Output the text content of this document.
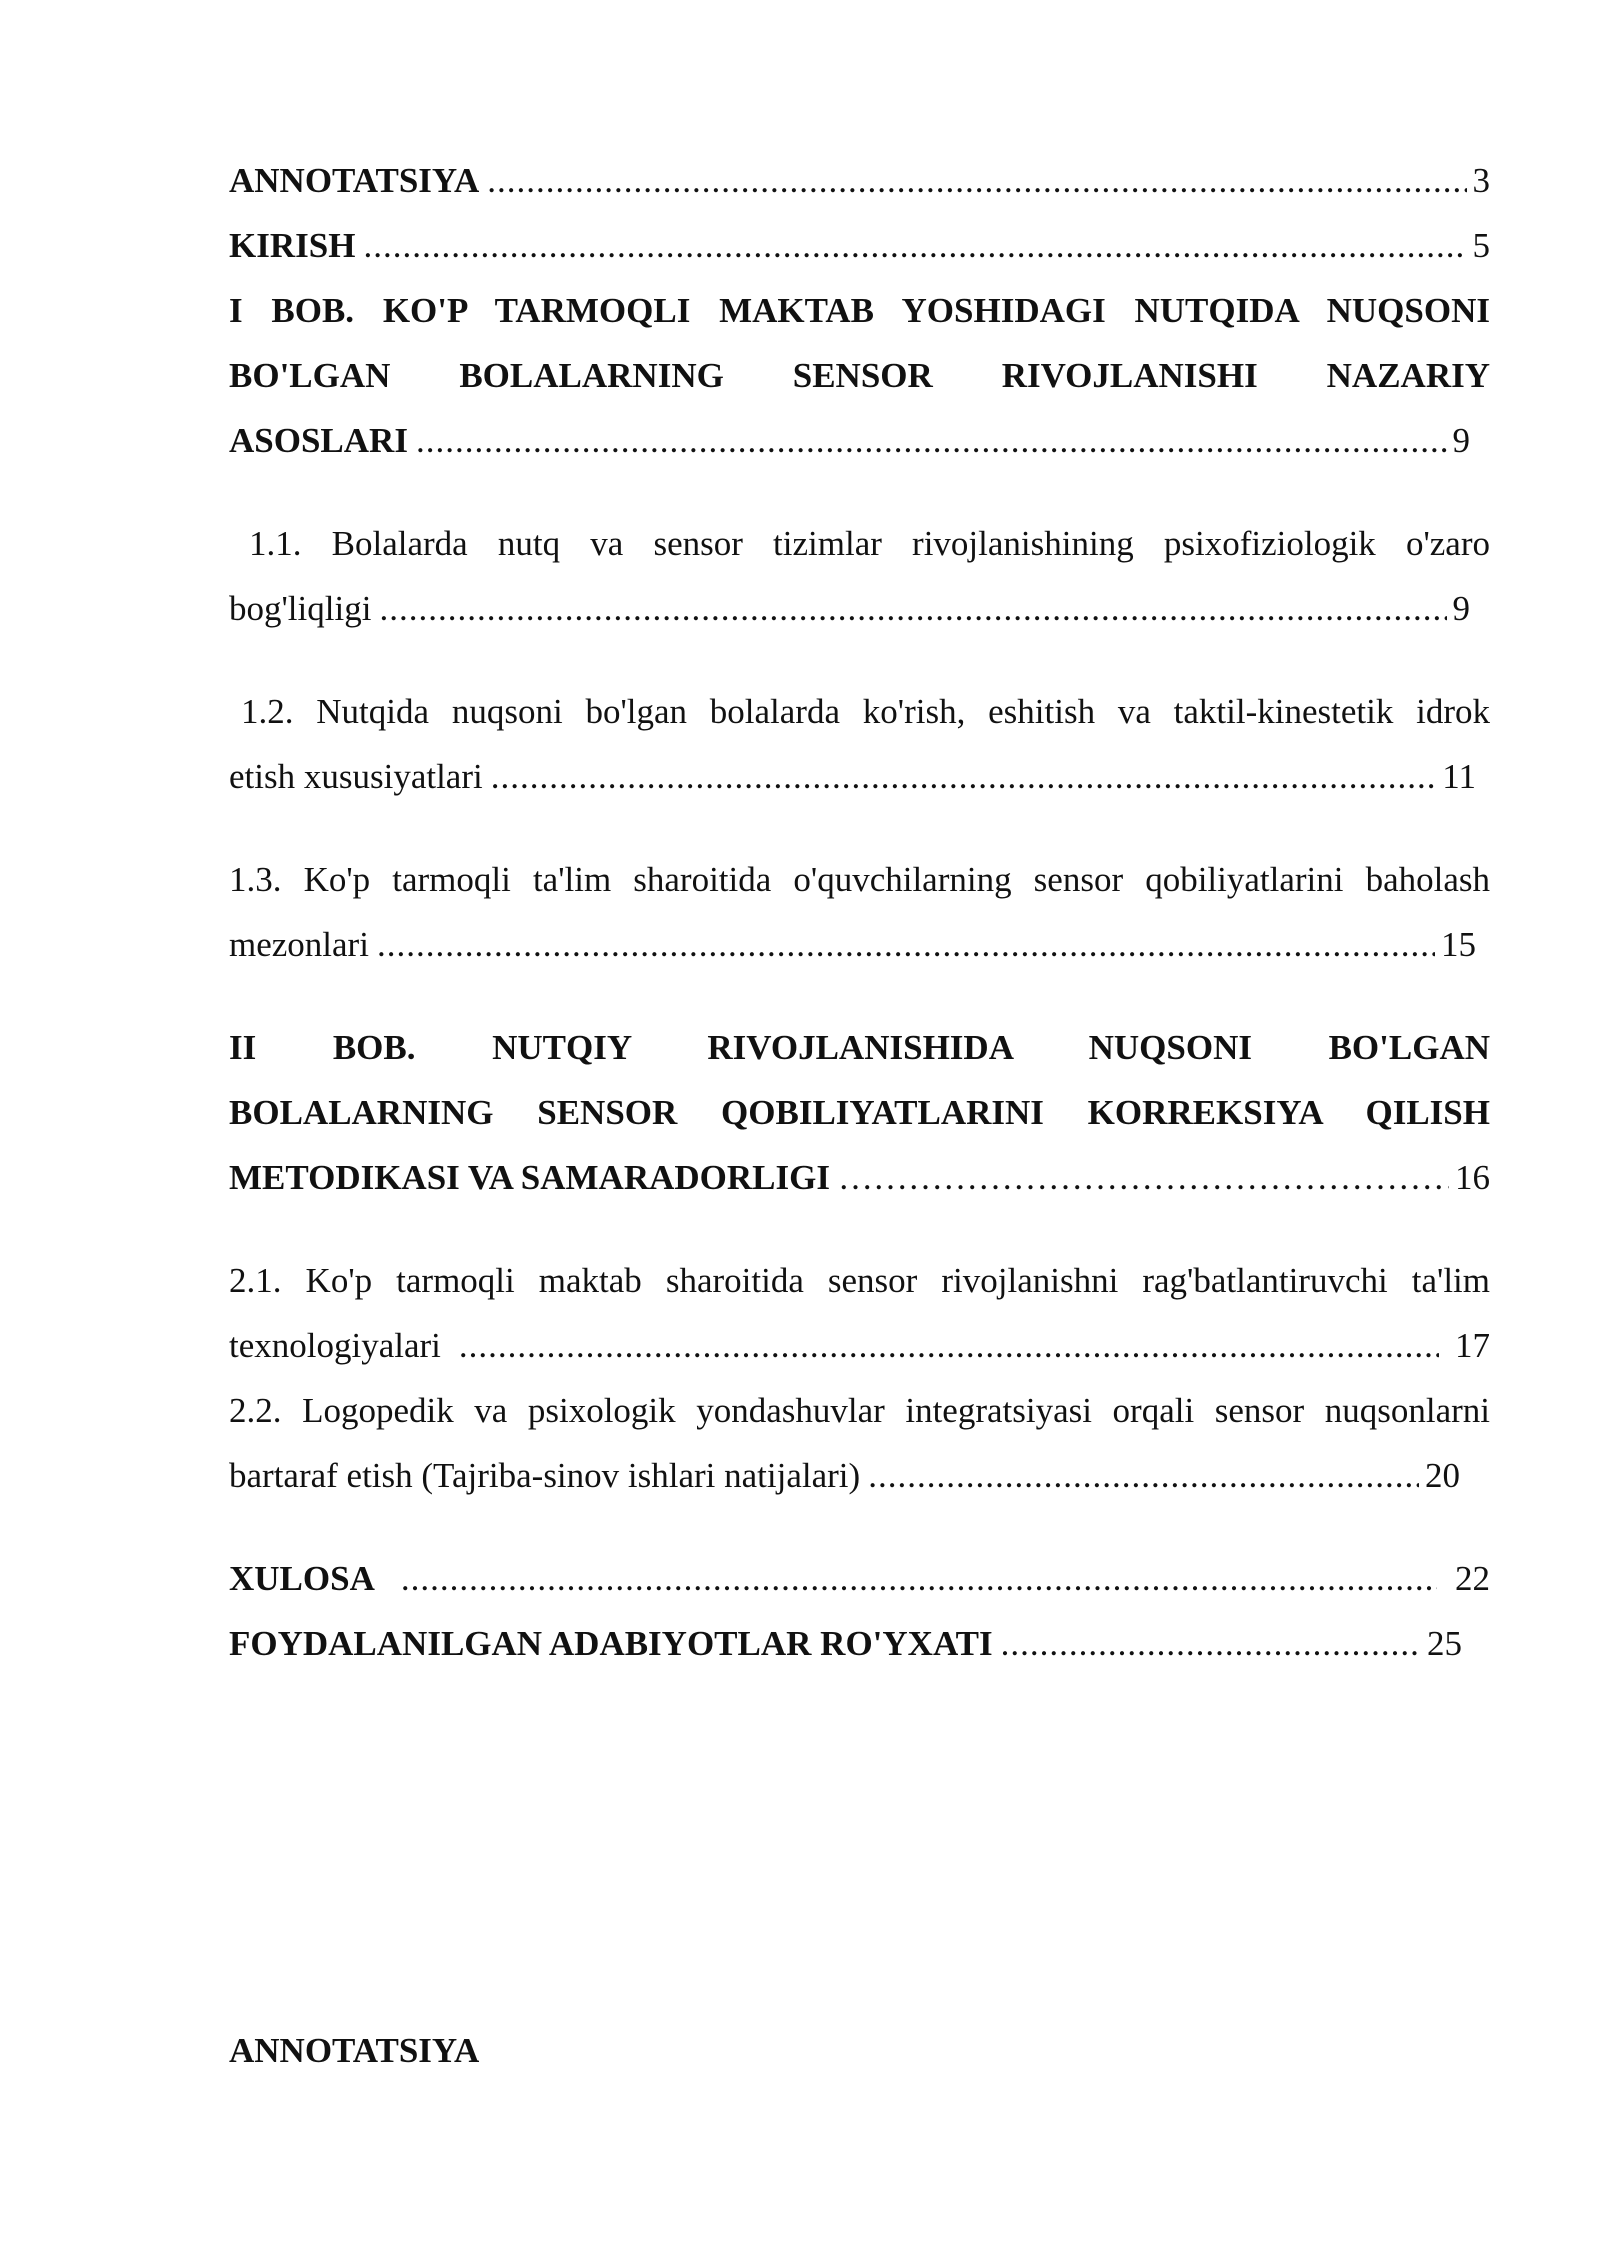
ANNOTATSIYA .....	3
KIRISH .....	5
I BOB. KO'P TARMOQLI MAKTAB YOSHIDAGI NUTQIDA NUQSONI
BO'LGAN BOLALARNING SENSOR RIVOJLANISHI NAZARIY
ASOSLARI .....	9
1.1. Bolalarda nutq va sensor tizimlar rivojlanishining psixofiziologik o'zaro
bog'liqligi .....	9
1.2. Nutqida nuqsoni bo'lgan bolalarda ko'rish, eshitish va taktil-kinestetik idrok
etish xususiyatlari .....	11
1.3. Ko'p tarmoqli ta'lim sharoitida o'quvchilarning sensor qobiliyatlarini baholash
mezonlari .....	15
II BOB. NUTQIY RIVOJLANISHIDA NUQSONI BO'LGAN
BOLALARNING SENSOR QOBILIYATLARINI KORREKSIYA QILISH
METODIKASI VA SAMARADORLIGI ……………………………………………………………………………………………………………………………………	16
2.1. Ko'p tarmoqli maktab sharoitida sensor rivojlanishni rag'batlantiruvchi ta'lim
texnologiyalari .....	17
2.2. Logopedik va psixologik yondashuvlar integratsiyasi orqali sensor nuqsonlarni
bartaraf etish (Tajriba-sinov ishlari natijalari) .....	20
XULOSA .....	22
FOYDALANILGAN ADABIYOTLAR RO'YXATI .....	25
ANNOTATSIYA
